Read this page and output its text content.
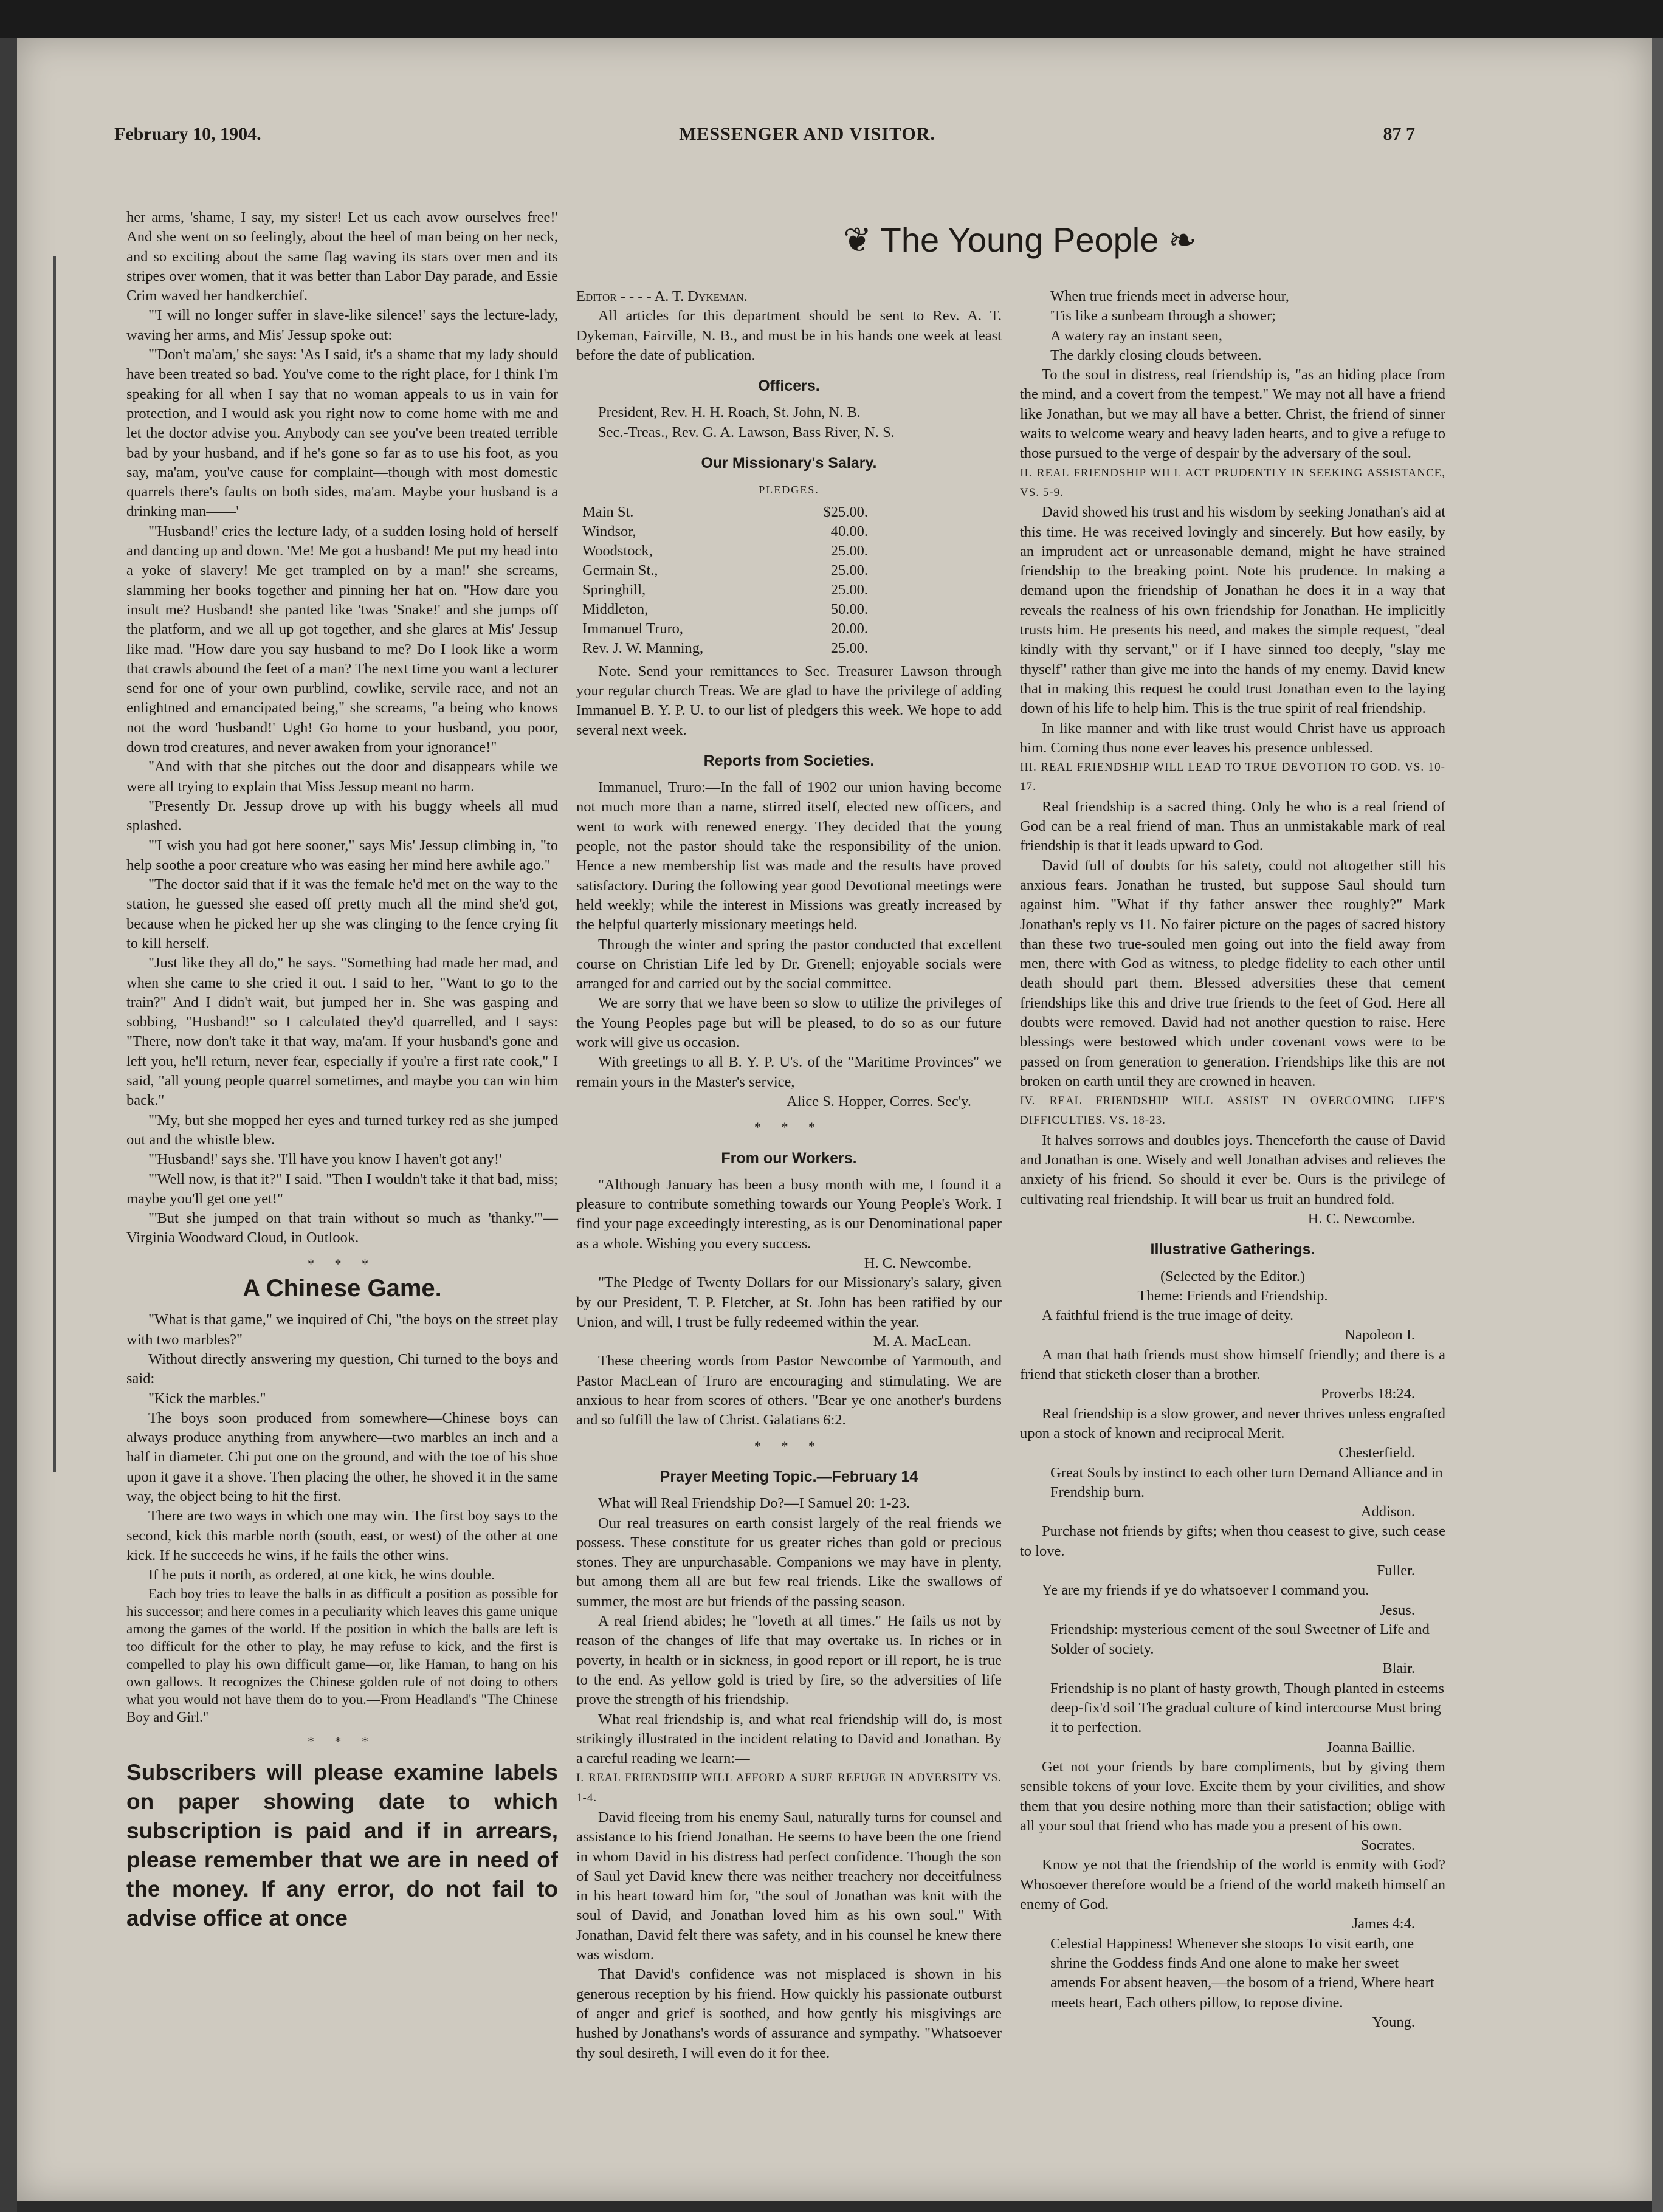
February 10, 1904.	MESSENGER AND VISITOR.	87 7

her arms, 'shame, I say, my sister! Let us each avow ourselves free!' And she went on so feelingly, about the heel of man being on her neck, and so exciting about the same flag waving its stars over men and its stripes over women, that it was better than Labor Day parade, and Essie Crim waved her handkerchief.

"'I will no longer suffer in slave-like silence!' says the lecture-lady, waving her arms, and Mis' Jessup spoke out:

"'Don't ma'am,' she says: 'As I said, it's a shame that my lady should have been treated so bad. You've come to the right place, for I think I'm speaking for all when I say that no woman appeals to us in vain for protection, and I would ask you right now to come home with me and let the doctor advise you. Anybody can see you've been treated terrible bad by your husband, and if he's gone so far as to use his foot, as you say, ma'am, you've cause for complaint—though with most domestic quarrels there's faults on both sides, ma'am. Maybe your husband is a drinking man——'

"'Husband!' cries the lecture lady, of a sudden losing hold of herself and dancing up and down. 'Me! Me got a husband! Me put my head into a yoke of slavery! Me get trampled on by a man!' she screams, slamming her books together and pinning her hat on. "How dare you insult me? Husband! she panted like 'twas 'Snake!' and she jumps off the platform, and we all up got together, and she glares at Mis' Jessup like mad. "How dare you say husband to me? Do I look like a worm that crawls abound the feet of a man? The next time you want a lecturer send for one of your own purblind, cowlike, servile race, and not an enlightned and emancipated being," she screams, "a being who knows not the word 'husband!' Ugh! Go home to your husband, you poor, down trod creatures, and never awaken from your ignorance!"

"And with that she pitches out the door and disappears while we were all trying to explain that Miss Jessup meant no harm.

"Presently Dr. Jessup drove up with his buggy wheels all mud splashed.

"'I wish you had got here sooner," says Mis' Jessup climbing in, "to help soothe a poor creature who was easing her mind here awhile ago."

"The doctor said that if it was the female he'd met on the way to the station, he guessed she eased off pretty much all the mind she'd got, because when he picked her up she was clinging to the fence crying fit to kill herself.

"Just like they all do," he says. "Something had made her mad, and when she came to she cried it out. I said to her, "Want to go to the train?" And I didn't wait, but jumped her in. She was gasping and sobbing, "Husband!" so I calculated they'd quarrelled, and I says: "There, now don't take it that way, ma'am. If your husband's gone and left you, he'll return, never fear, especially if you're a first rate cook," I said, "all young people quarrel sometimes, and maybe you can win him back."

"'My, but she mopped her eyes and turned turkey red as she jumped out and the whistle blew.

"'Husband!' says she. 'I'll have you know I haven't got any!'

"'Well now, is that it?" I said. "Then I wouldn't take it that bad, miss; maybe you'll get one yet!"

"'But she jumped on that train without so much as 'thanky.'"—Virginia Woodward Cloud, in Outlook.

* * *
A Chinese Game.

"What is that game," we inquired of Chi, "the boys on the street play with two marbles?"

Without directly answering my question, Chi turned to the boys and said:

"Kick the marbles."

The boys soon produced from somewhere—Chinese boys can always produce anything from anywhere—two marbles an inch and a half in diameter. Chi put one on the ground, and with the toe of his shoe upon it gave it a shove. Then placing the other, he shoved it in the same way, the object being to hit the first.

There are two ways in which one may win. The first boy says to the second, kick this marble north (south, east, or west) of the other at one kick. If he succeeds he wins, if he fails the other wins.

If he puts it north, as ordered, at one kick, he wins double.

Each boy tries to leave the balls in as difficult a position as possible for his successor; and here comes in a peculiarity which leaves this game unique among the games of the world. If the position in which the balls are left is too difficult for the other to play, he may refuse to kick, and the first is compelled to play his own difficult game—or, like Haman, to hang on his own gallows. It recognizes the Chinese golden rule of not doing to others what you would not have them do to you.—From Headland's "The Chinese Boy and Girl."

* * *
Subscribers will please examine labels on paper showing date to which subscription is paid and if in arrears, please remember that we are in need of the money. If any error, do not fail to advise office at once
❦ The Young People ❧

Editor - - - - A. T. Dykeman.

All articles for this department should be sent to Rev. A. T. Dykeman, Fairville, N. B., and must be in his hands one week at least before the date of publication.

Officers.

President, Rev. H. H. Roach, St. John, N. B.

Sec.-Treas., Rev. G. A. Lawson, Bass River, N. S.

Our Missionary's Salary.
PLEDGES.
Main St.	$25.00.
Windsor,	40.00.
Woodstock,	25.00.
Germain St.,	25.00.
Springhill,	25.00.
Middleton,	50.00.
Immanuel Truro,	20.00.
Rev. J. W. Manning,	25.00.

Note. Send your remittances to Sec. Treasurer Lawson through your regular church Treas. We are glad to have the privilege of adding Immanuel B. Y. P. U. to our list of pledgers this week. We hope to add several next week.

Reports from Societies.

Immanuel, Truro:—In the fall of 1902 our union having become not much more than a name, stirred itself, elected new officers, and went to work with renewed energy. They decided that the young people, not the pastor should take the responsibility of the union. Hence a new membership list was made and the results have proved satisfactory. During the following year good Devotional meetings were held weekly; while the interest in Missions was greatly increased by the helpful quarterly missionary meetings held.

Through the winter and spring the pastor conducted that excellent course on Christian Life led by Dr. Grenell; enjoyable socials were arranged for and carried out by the social committee.

We are sorry that we have been so slow to utilize the privileges of the Young Peoples page but will be pleased, to do so as our future work will give us occasion.

With greetings to all B. Y. P. U's. of the "Maritime Provinces" we remain yours in the Master's service,

Alice S. Hopper, Corres. Sec'y.

* * *
From our Workers.

"Although January has been a busy month with me, I found it a pleasure to contribute something towards our Young People's Work. I find your page exceedingly interesting, as is our Denominational paper as a whole. Wishing you every success.

H. C. Newcombe.

"The Pledge of Twenty Dollars for our Missionary's salary, given by our President, T. P. Fletcher, at St. John has been ratified by our Union, and will, I trust be fully redeemed within the year.

M. A. MacLean.

These cheering words from Pastor Newcombe of Yarmouth, and Pastor MacLean of Truro are encouraging and stimulating. We are anxious to hear from scores of others. "Bear ye one another's burdens and so fulfill the law of Christ. Galatians 6:2.

* * *
Prayer Meeting Topic.—February 14

What will Real Friendship Do?—I Samuel 20: 1-23.

Our real treasures on earth consist largely of the real friends we possess. These constitute for us greater riches than gold or precious stones. They are unpurchasable. Companions we may have in plenty, but among them all are but few real friends. Like the swallows of summer, the most are but friends of the passing season.

A real friend abides; he "loveth at all times." He fails us not by reason of the changes of life that may overtake us. In riches or in poverty, in health or in sickness, in good report or ill report, he is true to the end. As yellow gold is tried by fire, so the adversities of life prove the strength of his friendship.

What real friendship is, and what real friendship will do, is most strikingly illustrated in the incident relating to David and Jonathan. By a careful reading we learn:—

I. REAL FRIENDSHIP WILL AFFORD A SURE REFUGE IN ADVERSITY VS. 1-4.

David fleeing from his enemy Saul, naturally turns for counsel and assistance to his friend Jonathan. He seems to have been the one friend in whom David in his distress had perfect confidence. Though the son of Saul yet David knew there was neither treachery nor deceitfulness in his heart toward him for, "the soul of Jonathan was knit with the soul of David, and Jonathan loved him as his own soul." With Jonathan, David felt there was safety, and in his counsel he knew there was wisdom.

That David's confidence was not misplaced is shown in his generous reception by his friend. How quickly his passionate outburst of anger and grief is soothed, and how gently his misgivings are hushed by Jonathans's words of assurance and sympathy. "Whatsoever thy soul desireth, I will even do it for thee.

When true friends meet in adverse hour,

'Tis like a sunbeam through a shower;

A watery ray an instant seen,

The darkly closing clouds between.

To the soul in distress, real friendship is, "as an hiding place from the mind, and a covert from the tempest." We may not all have a friend like Jonathan, but we may all have a better. Christ, the friend of sinner waits to welcome weary and heavy laden hearts, and to give a refuge to those pursued to the verge of despair by the adversary of the soul.

II. REAL FRIENDSHIP WILL ACT PRUDENTLY IN SEEKING ASSISTANCE, VS. 5-9.

David showed his trust and his wisdom by seeking Jonathan's aid at this time. He was received lovingly and sincerely. But how easily, by an imprudent act or unreasonable demand, might he have strained friendship to the breaking point. Note his prudence. In making a demand upon the friendship of Jonathan he does it in a way that reveals the realness of his own friendship for Jonathan. He implicitly trusts him. He presents his need, and makes the simple request, "deal kindly with thy servant," or if I have sinned too deeply, "slay me thyself" rather than give me into the hands of my enemy. David knew that in making this request he could trust Jonathan even to the laying down of his life to help him. This is the true spirit of real friendship.

In like manner and with like trust would Christ have us approach him. Coming thus none ever leaves his presence unblessed.

III. REAL FRIENDSHIP WILL LEAD TO TRUE DEVOTION TO GOD. VS. 10-17.

Real friendship is a sacred thing. Only he who is a real friend of God can be a real friend of man. Thus an unmistakable mark of real friendship is that it leads upward to God.

David full of doubts for his safety, could not altogether still his anxious fears. Jonathan he trusted, but suppose Saul should turn against him. "What if thy father answer thee roughly?" Mark Jonathan's reply vs 11. No fairer picture on the pages of sacred history than these two true-souled men going out into the field away from men, there with God as witness, to pledge fidelity to each other until death should part them. Blessed adversities these that cement friendships like this and drive true friends to the feet of God. Here all doubts were removed. David had not another question to raise. Here blessings were bestowed which under covenant vows were to be passed on from generation to generation. Friendships like this are not broken on earth until they are crowned in heaven.

IV. REAL FRIENDSHIP WILL ASSIST IN OVERCOMING LIFE'S DIFFICULTIES. VS. 18-23.

It halves sorrows and doubles joys. Thenceforth the cause of David and Jonathan is one. Wisely and well Jonathan advises and relieves the anxiety of his friend. So should it ever be. Ours is the privilege of cultivating real friendship. It will bear us fruit an hundred fold.

H. C. Newcombe.

Illustrative Gatherings.

(Selected by the Editor.)

Theme: Friends and Friendship.

A faithful friend is the true image of deity.

Napoleon I.

A man that hath friends must show himself friendly; and there is a friend that sticketh closer than a brother.

Proverbs 18:24.

Real friendship is a slow grower, and never thrives unless engrafted upon a stock of known and reciprocal Merit.

Chesterfield.

Great Souls by instinct to each other turn Demand Alliance and in Frendship burn.

Addison.

Purchase not friends by gifts; when thou ceasest to give, such cease to love.

Fuller.

Ye are my friends if ye do whatsoever I command you.

Jesus.

Friendship: mysterious cement of the soul Sweetner of Life and Solder of society.

Blair.

Friendship is no plant of hasty growth, Though planted in esteems deep-fix'd soil The gradual culture of kind intercourse Must bring it to perfection.

Joanna Baillie.

Get not your friends by bare compliments, but by giving them sensible tokens of your love. Excite them by your civilities, and show them that you desire nothing more than their satisfaction; oblige with all your soul that friend who has made you a present of his own.

Socrates.

Know ye not that the friendship of the world is enmity with God? Whosoever therefore would be a friend of the world maketh himself an enemy of God.

James 4:4.

Celestial Happiness! Whenever she stoops To visit earth, one shrine the Goddess finds And one alone to make her sweet amends For absent heaven,—the bosom of a friend, Where heart meets heart, Each others pillow, to repose divine.

Young.
